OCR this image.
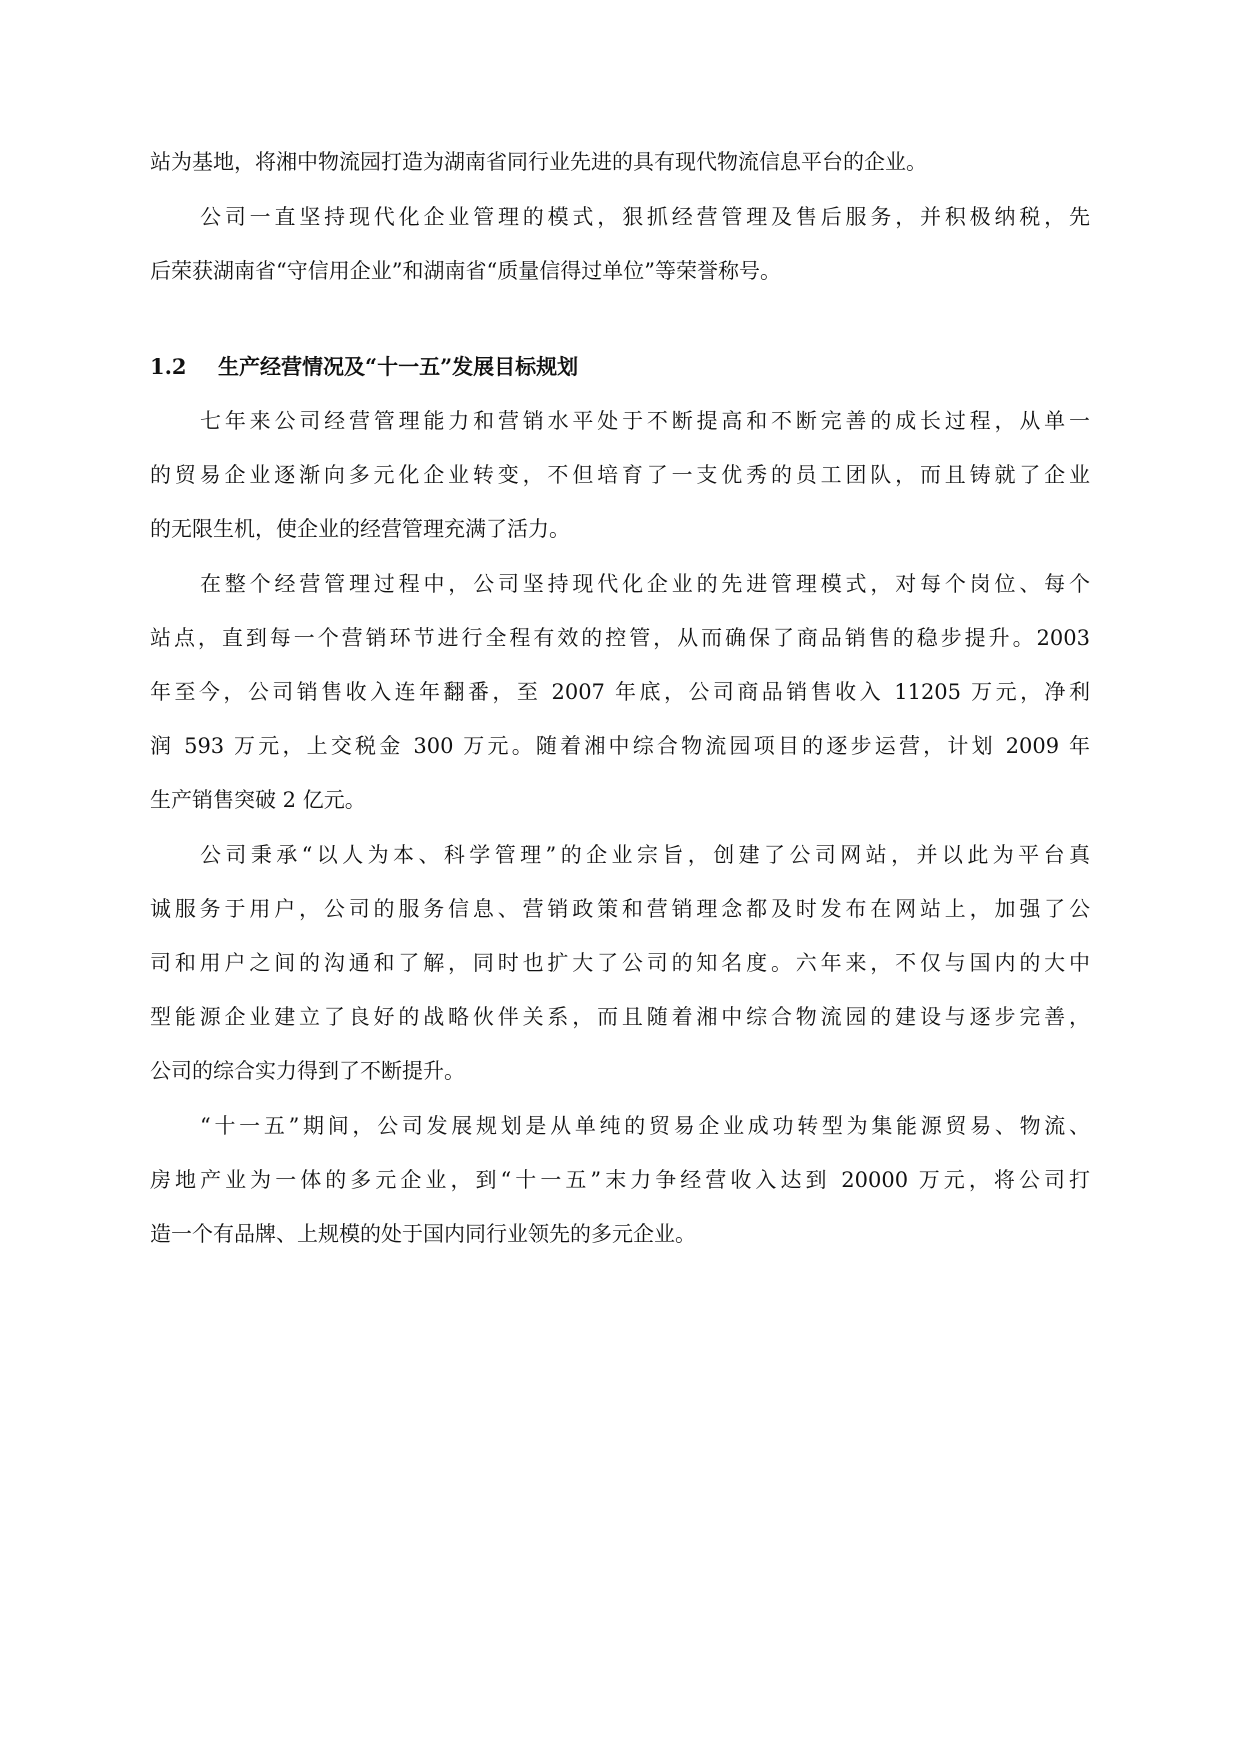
站为基地，将湘中物流园打造为湖南省同行业先进的具有现代物流信息平台的企业。
公司一直坚持现代化企业管理的模式，狠抓经营管理及售后服务，并积极纳税，先
后荣获湖南省“守信用企业”和湖南省“质量信得过单位”等荣誉称号。
1.2 生产经营情况及“十一五”发展目标规划
七年来公司经营管理能力和营销水平处于不断提高和不断完善的成长过程，从单一
的贸易企业逐渐向多元化企业转变，不但培育了一支优秀的员工团队，而且铸就了企业
的无限生机，使企业的经营管理充满了活力。
在整个经营管理过程中，公司坚持现代化企业的先进管理模式，对每个岗位、每个
站点，直到每一个营销环节进行全程有效的控管，从而确保了商品销售的稳步提升。2003
年至今，公司销售收入连年翻番，至 2007 年底，公司商品销售收入 11205 万元，净利
润 593 万元，上交税金 300 万元。随着湘中综合物流园项目的逐步运营，计划 2009 年
生产销售突破 2 亿元。
公司秉承“以人为本、科学管理”的企业宗旨，创建了公司网站，并以此为平台真
诚服务于用户，公司的服务信息、营销政策和营销理念都及时发布在网站上，加强了公
司和用户之间的沟通和了解，同时也扩大了公司的知名度。六年来，不仅与国内的大中
型能源企业建立了良好的战略伙伴关系，而且随着湘中综合物流园的建设与逐步完善，
公司的综合实力得到了不断提升。
“十一五”期间，公司发展规划是从单纯的贸易企业成功转型为集能源贸易、物流、
房地产业为一体的多元企业，到“十一五”末力争经营收入达到 20000 万元，将公司打
造一个有品牌、上规模的处于国内同行业领先的多元企业。
